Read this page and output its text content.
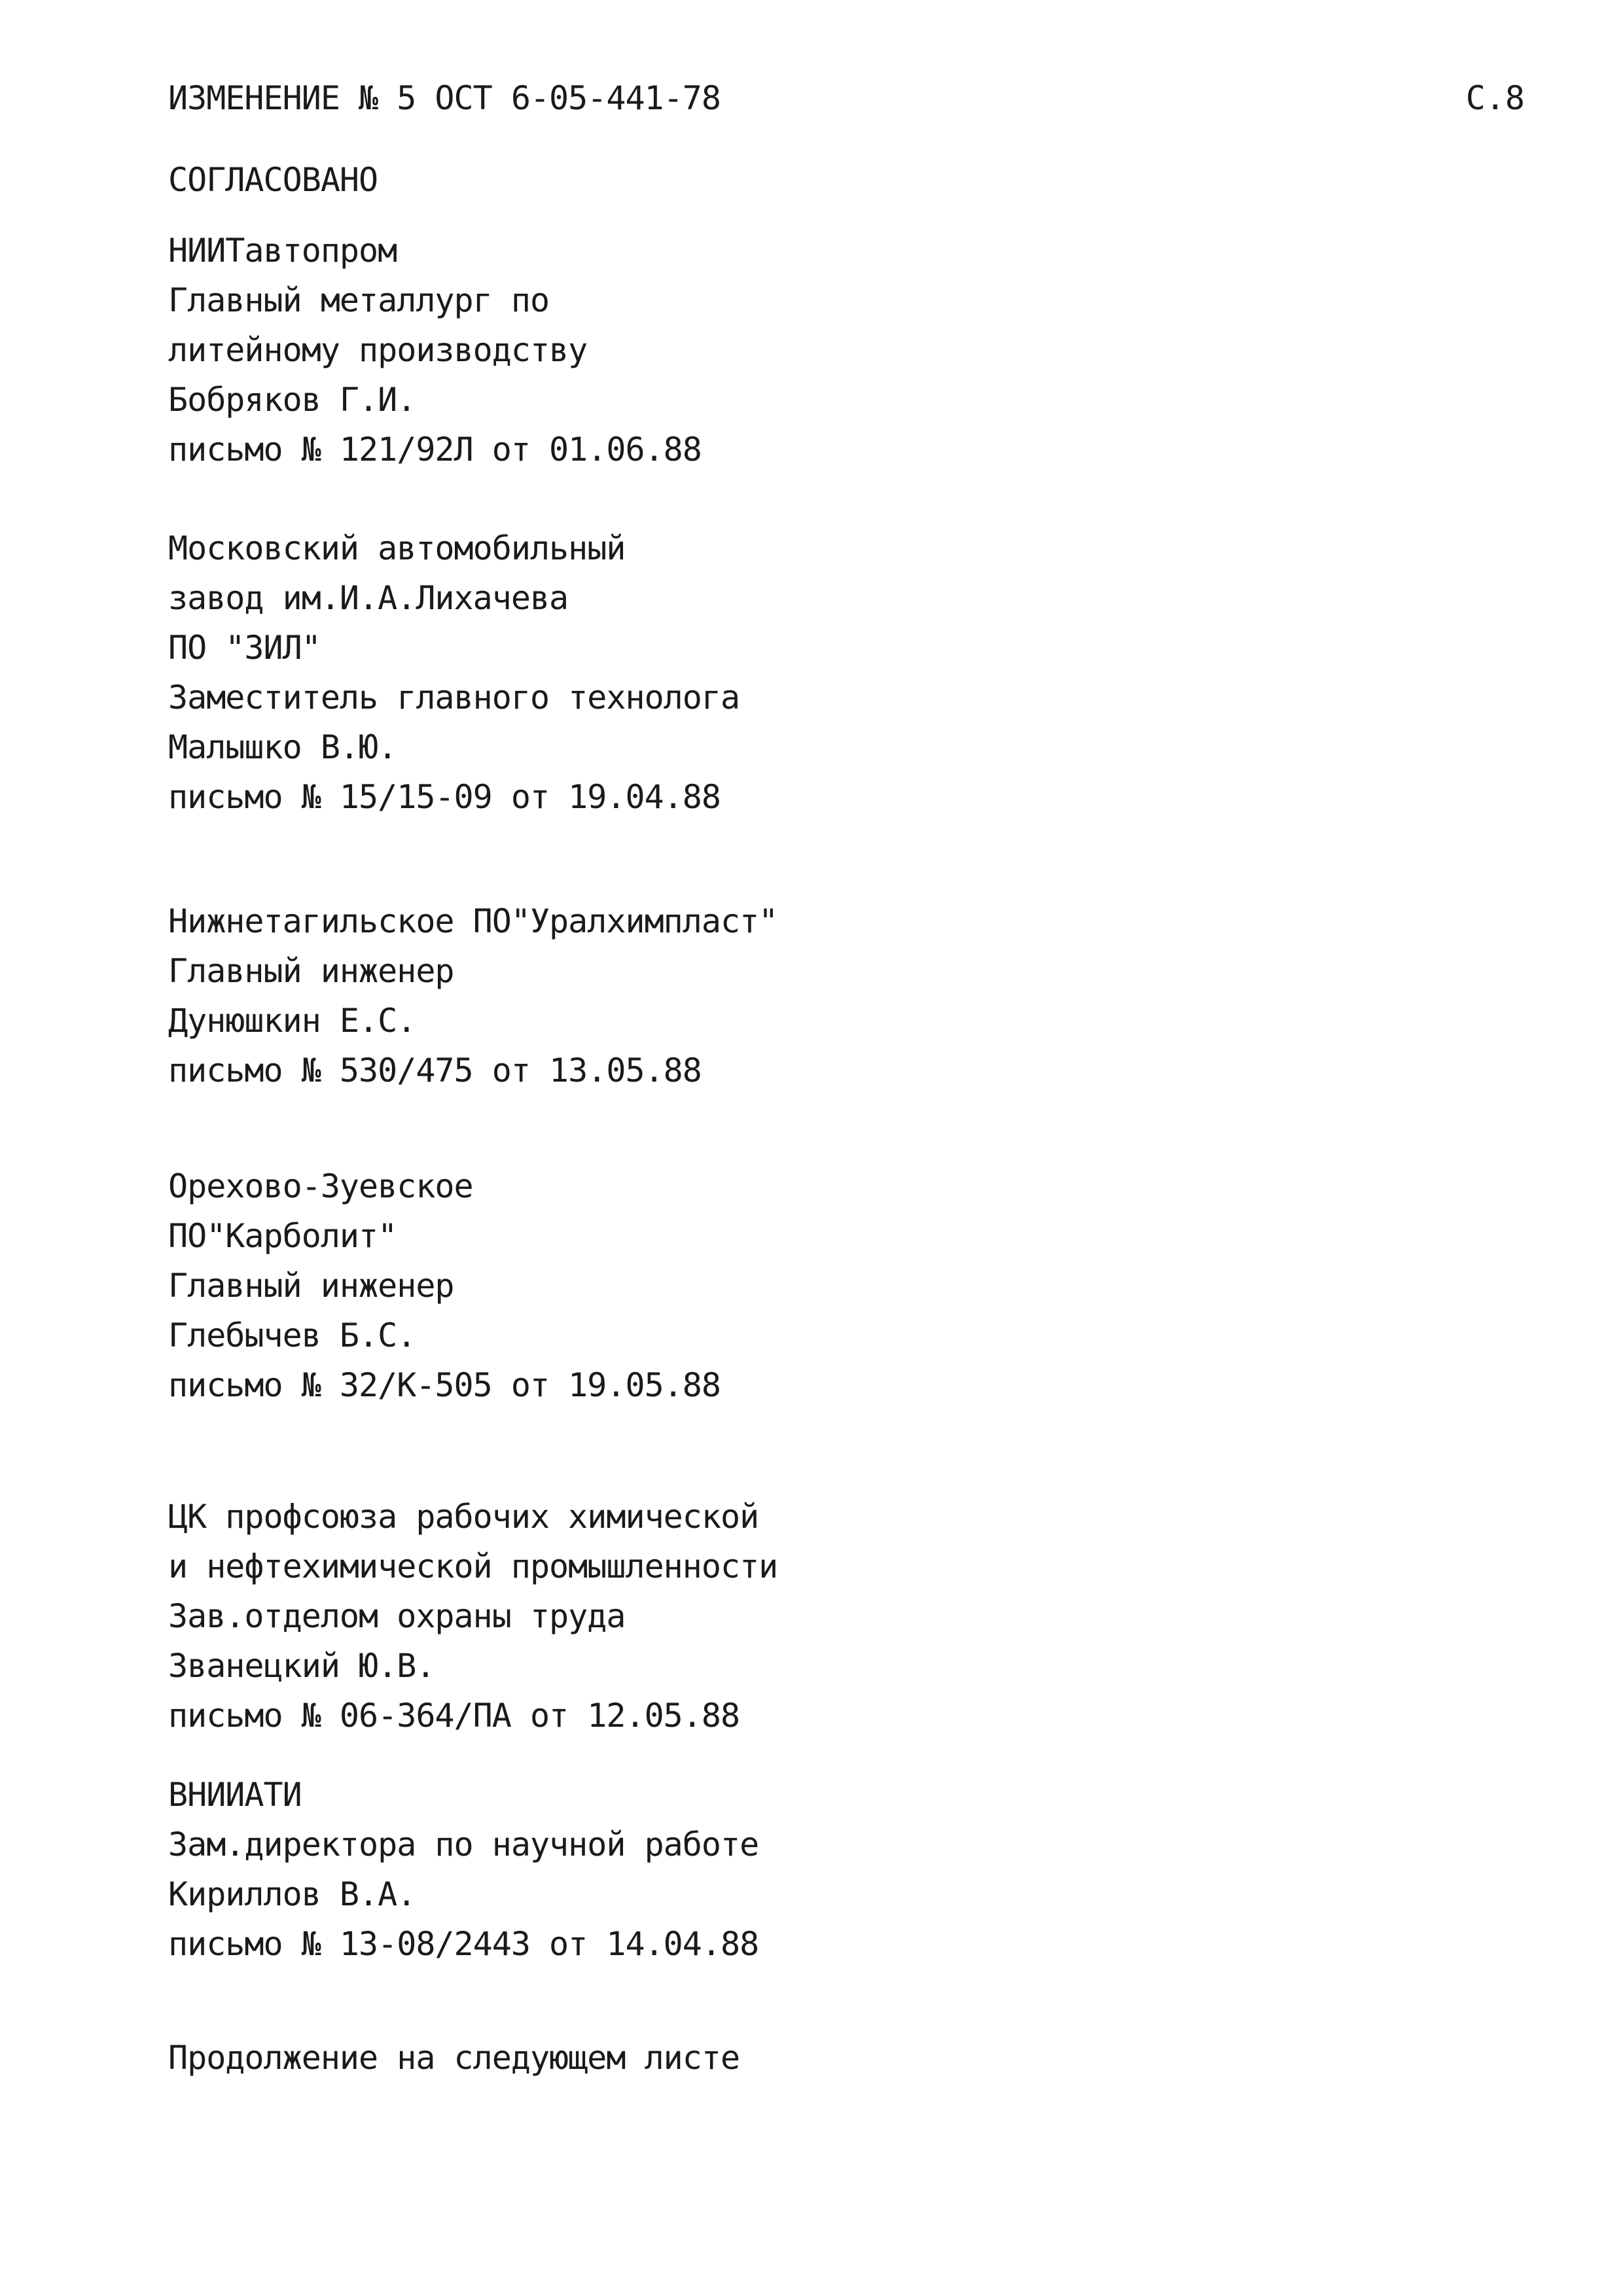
ИЗМЕНЕНИЕ № 5 ОСТ 6-05-441-78	С.8
СОГЛАСОВАНО
НИИТавтопром
Главный металлург по
литейному производству
Бобряков Г.И.
письмо № 121/92Л от 01.06.88
Московский автомобильный
завод им.И.А.Лихачева
ПО "ЗИЛ"
Заместитель главного технолога
Малышко В.Ю.
письмо № 15/15-09 от 19.04.88
Нижнетагильское ПО"Уралхимпласт"
Главный инженер
Дунюшкин Е.С.
письмо № 530/475 от 13.05.88
Орехово-Зуевское
ПО"Карболит"
Главный инженер
Глебычев Б.С.
письмо № 32/К-505 от 19.05.88
ЦК профсоюза рабочих химической
и нефтехимической промышленности
Зав.отделом охраны труда
Званецкий Ю.В.
письмо № 06-364/ПА от 12.05.88
ВНИИАТИ
Зам.директора по научной работе
Кириллов В.А.
письмо № 13-08/2443 от 14.04.88
Продолжение на следующем листе
